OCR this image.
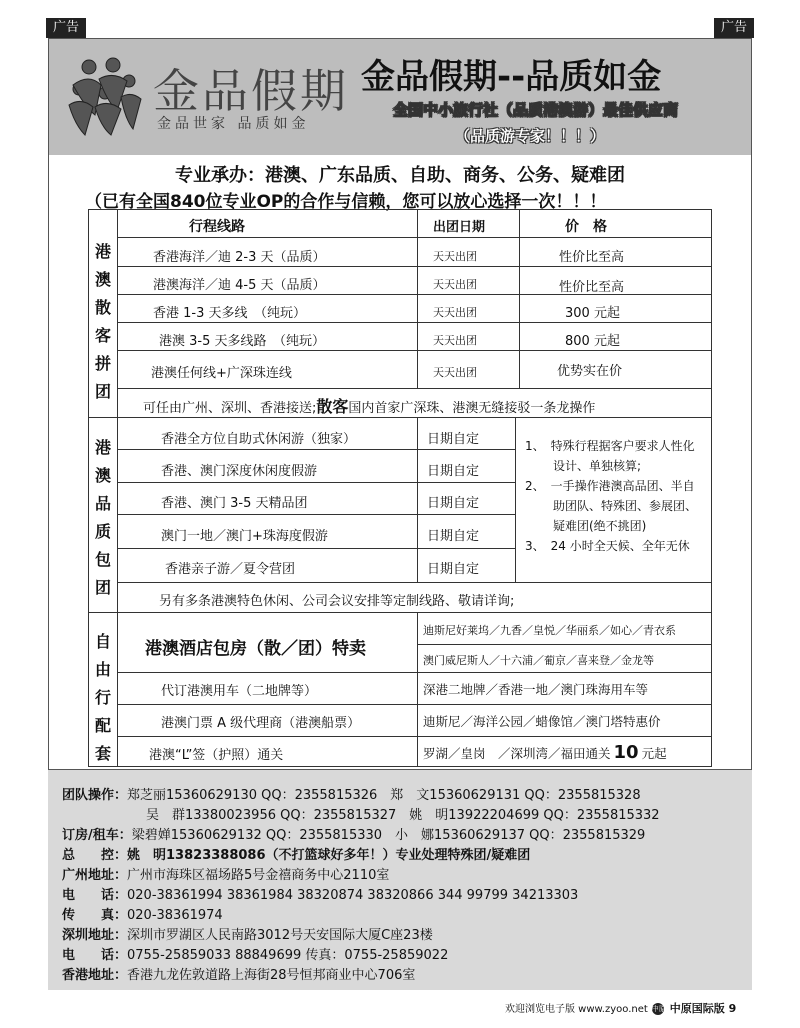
广告	广告
金品假期
金品世家 品质如金
金品假期--品质如金
全国中小旅行社（品质港澳游）最佳供应商
（品质游专家！！！）
专业承办：港澳、广东品质、自助、商务、公务、疑难团
（已有全国840位专业OP的合作与信赖，您可以放心选择一次！！！
行程线路	出团日期	价　格
港
澳
散
客
拼
团
香港海洋／迪 2-3 天（品质）	天天出团	性价比至高
港澳海洋／迪 4-5 天（品质）	天天出团	性价比至高
香港 1-3 天多线　（纯玩）	天天出团	300 元起
港澳 3-5 天多线路　（纯玩）	天天出团	800 元起
港澳任何线+广深珠连线	天天出团	优势实在价
可任由广州、深圳、香港接送;散客国内首家广深珠、港澳无缝接驳一条龙操作
港
澳
品
质
包
团
香港全方位自助式休闲游（独家）	日期自定
香港、澳门深度休闲度假游	日期自定
香港、澳门 3-5 天精品团	日期自定
澳门一地／澳门+珠海度假游	日期自定
香港亲子游／夏令营团	日期自定
1、　特殊行程据客户要求人性化设计、单独核算;
2、　一手操作港澳高品团、半自助团队、特殊团、参展团、疑难团(绝不挑团)
3、　24 小时全天候、全年无休
另有多条港澳特色休闲、公司会议安排等定制线路、敬请详询;
自
由
行
配
套
港澳酒店包房（散／团）特卖
迪斯尼好莱坞／九香／皇悦／华丽系／如心／青衣系
澳门威尼斯人／十六浦／葡京／喜来登／金龙等
代订港澳用车（二地牌等）	深港二地牌／香港一地／澳门珠海用车等
港澳门票 A 级代理商（港澳船票）	迪斯尼／海洋公园／蜡像馆／澳门塔特惠价
港澳“L”签（护照）通关	罗湖／皇岗　／深圳湾／福田通关 10 元起
团队操作：郑芝丽15360629130 QQ：2355815326　郑　文15360629131 QQ：2355815328
吴　群13380023956 QQ：2355815327　姚　明13922204699 QQ：2355815332
订房/租车：梁碧婵15360629132 QQ：2355815330　小　娜15360629137 QQ：2355815329
总　　控：姚　明13823388086（不打篮球好多年！）专业处理特殊团/疑难团
广州地址：广州市海珠区福场路5号金禧商务中心2110室
电　　话：020-38361994 38361984 38320874 38320866 344 99799 34213303
传　　真：020-38361974
深圳地址：深圳市罗湖区人民南路3012号天安国际大厦C座23楼
电　　话：0755-25859033 88849699 传真：0755-25859022
香港地址：香港九龙佐敦道路上海街28号恒邦商业中心706室
欢迎浏览电子版 www.zyoo.net 中原 中原国际版 9
